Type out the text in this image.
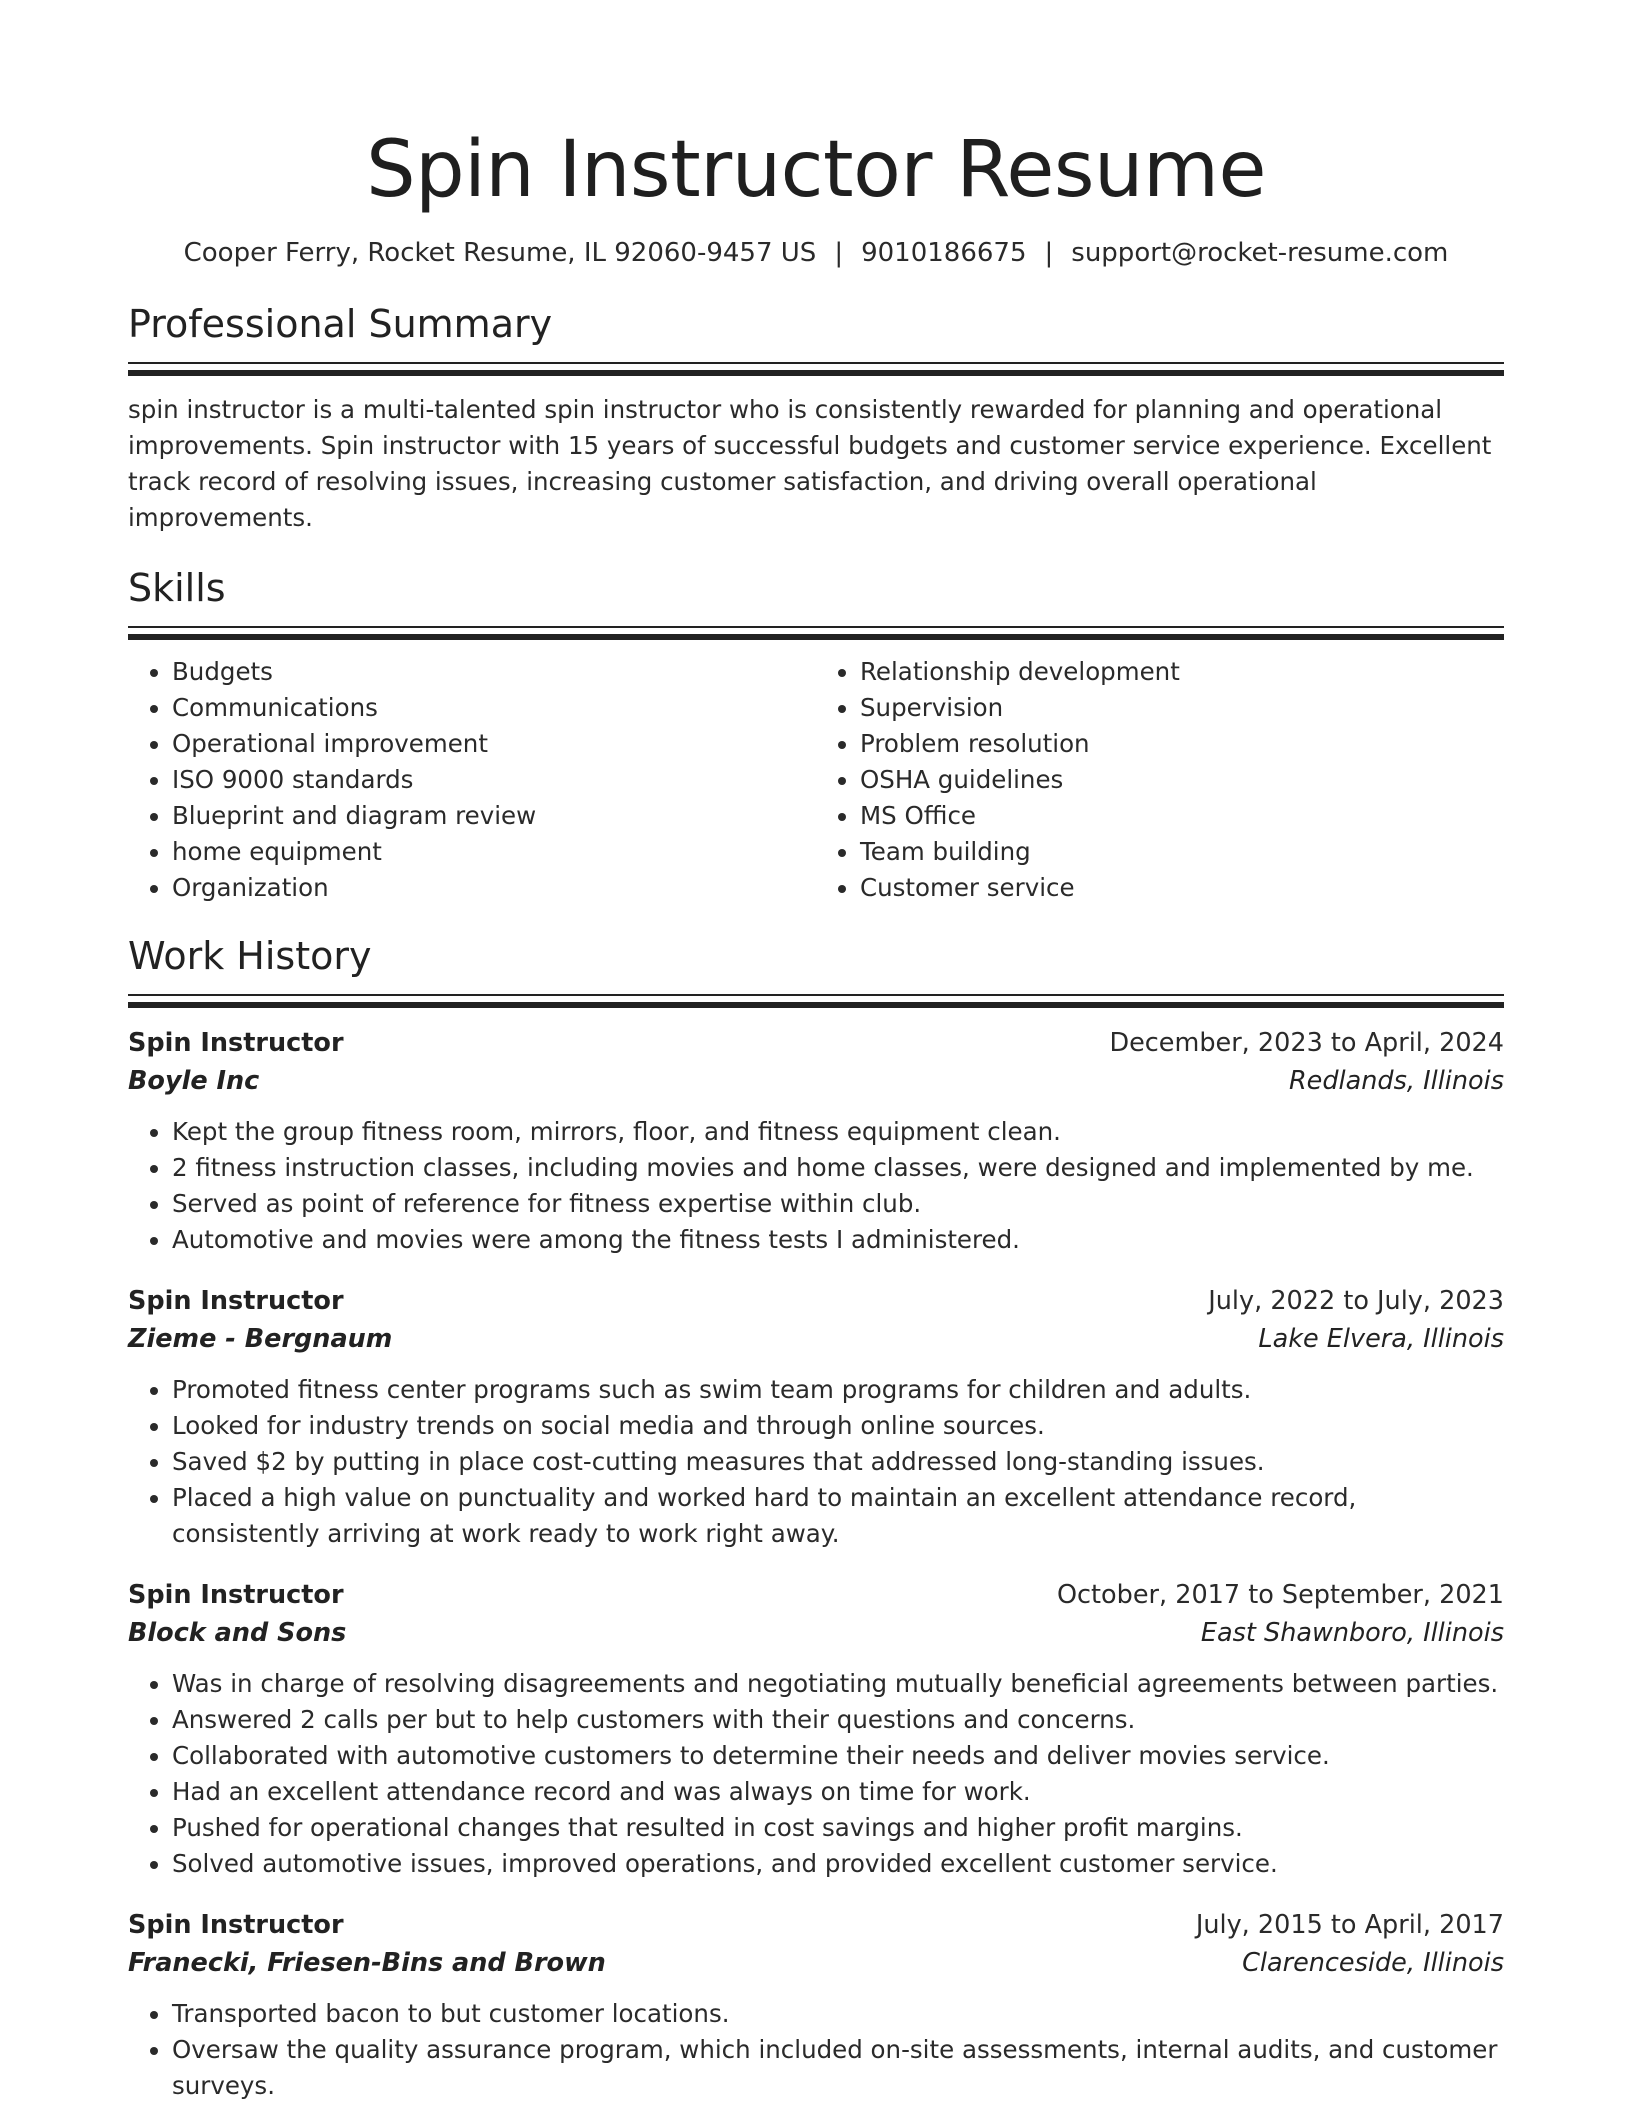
Spin Instructor Resume
Cooper Ferry, Rocket Resume, IL 92060-9457 US | 9010186675 | support@rocket-resume.com
Professional Summary

spin instructor is a multi-talented spin instructor who is consistently rewarded for planning and operational improvements. Spin instructor with 15 years of successful budgets and customer service experience. Excellent track record of resolving issues, increasing customer satisfaction, and driving overall operational improvements.

Skills
• Budgets
• Communications
• Operational improvement
• ISO 9000 standards
• Blueprint and diagram review
• home equipment
• Organization
• Relationship development
• Supervision
• Problem resolution
• OSHA guidelines
• MS Office
• Team building
• Customer service
Work History
Spin Instructor	December, 2023 to April, 2024
Boyle Inc	Redlands, Illinois
• Kept the group fitness room, mirrors, floor, and fitness equipment clean.
• 2 fitness instruction classes, including movies and home classes, were designed and implemented by me.
• Served as point of reference for fitness expertise within club.
• Automotive and movies were among the fitness tests I administered.
Spin Instructor	July, 2022 to July, 2023
Zieme - Bergnaum	Lake Elvera, Illinois
• Promoted fitness center programs such as swim team programs for children and adults.
• Looked for industry trends on social media and through online sources.
• Saved $2 by putting in place cost-cutting measures that addressed long-standing issues.
• Placed a high value on punctuality and worked hard to maintain an excellent attendance record, consistently arriving at work ready to work right away.
Spin Instructor	October, 2017 to September, 2021
Block and Sons	East Shawnboro, Illinois
• Was in charge of resolving disagreements and negotiating mutually beneficial agreements between parties.
• Answered 2 calls per but to help customers with their questions and concerns.
• Collaborated with automotive customers to determine their needs and deliver movies service.
• Had an excellent attendance record and was always on time for work.
• Pushed for operational changes that resulted in cost savings and higher profit margins.
• Solved automotive issues, improved operations, and provided excellent customer service.
Spin Instructor	July, 2015 to April, 2017
Franecki, Friesen-Bins and Brown	Clarenceside, Illinois
• Transported bacon to but customer locations.
• Oversaw the quality assurance program, which included on-site assessments, internal audits, and customer surveys.
